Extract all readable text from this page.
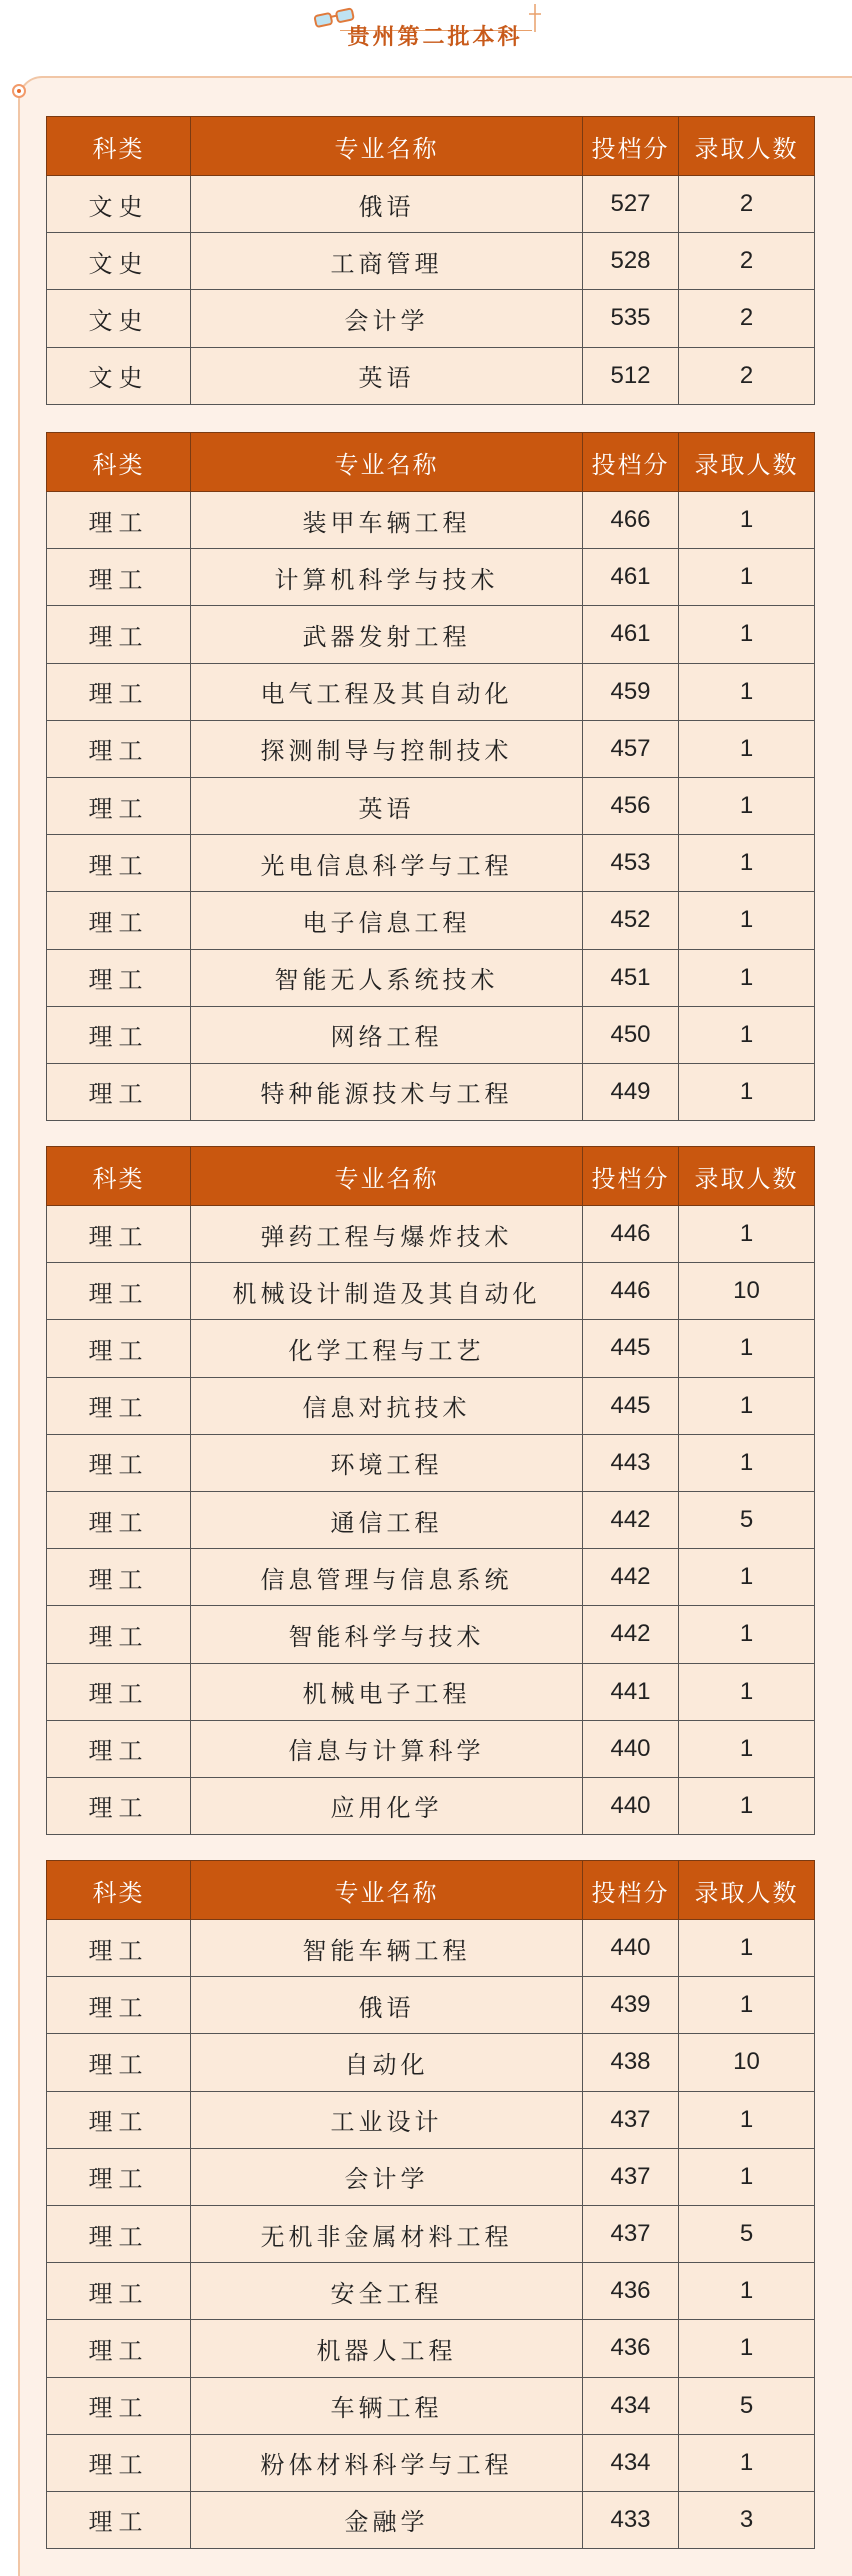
贵州第二批本科
科类	专业名称	投档分	录取人数
文史	俄语	527	2
文史	工商管理	528	2
文史	会计学	535	2
文史	英语	512	2
科类	专业名称	投档分	录取人数
理工	装甲车辆工程	466	1
理工	计算机科学与技术	461	1
理工	武器发射工程	461	1
理工	电气工程及其自动化	459	1
理工	探测制导与控制技术	457	1
理工	英语	456	1
理工	光电信息科学与工程	453	1
理工	电子信息工程	452	1
理工	智能无人系统技术	451	1
理工	网络工程	450	1
理工	特种能源技术与工程	449	1
科类	专业名称	投档分	录取人数
理工	弹药工程与爆炸技术	446	1
理工	机械设计制造及其自动化	446	10
理工	化学工程与工艺	445	1
理工	信息对抗技术	445	1
理工	环境工程	443	1
理工	通信工程	442	5
理工	信息管理与信息系统	442	1
理工	智能科学与技术	442	1
理工	机械电子工程	441	1
理工	信息与计算科学	440	1
理工	应用化学	440	1
科类	专业名称	投档分	录取人数
理工	智能车辆工程	440	1
理工	俄语	439	1
理工	自动化	438	10
理工	工业设计	437	1
理工	会计学	437	1
理工	无机非金属材料工程	437	5
理工	安全工程	436	1
理工	机器人工程	436	1
理工	车辆工程	434	5
理工	粉体材料科学与工程	434	1
理工	金融学	433	3
